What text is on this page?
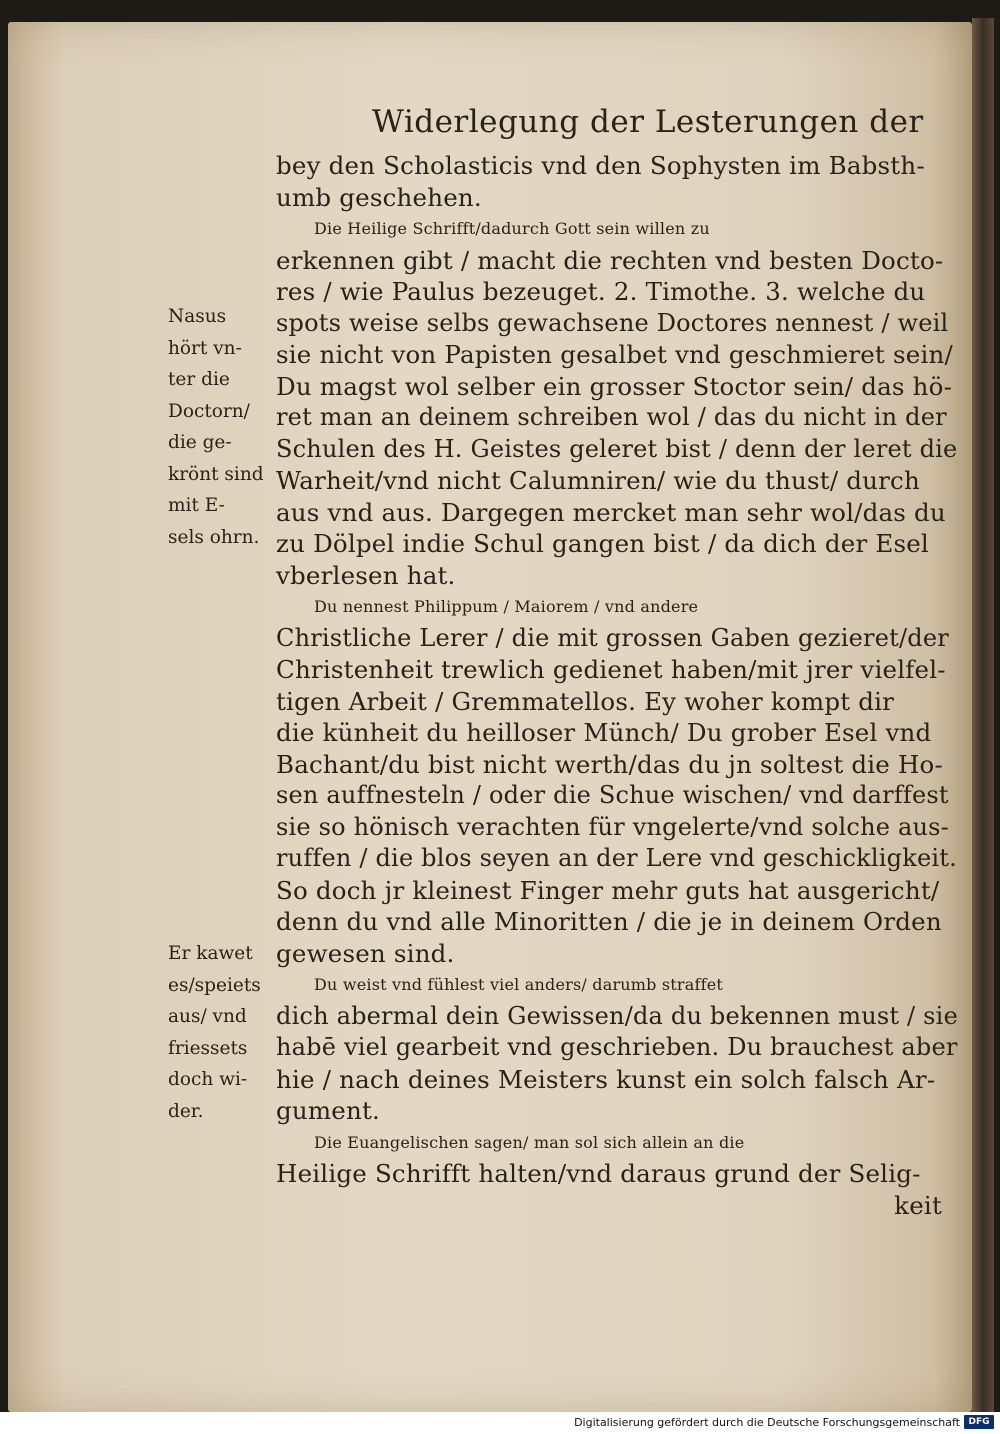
Widerlegung der Lesterungen der
bey den Scholasticis vnd den Sophysten im Babsth-
umb geschehen.
Die Heilige Schrifft/dadurch Gott sein willen zu
erkennen gibt / macht die rechten vnd besten Docto-
res / wie Paulus bezeuget. 2. Timothe. 3. welche du
spots weise selbs gewachsene Doctores nennest / weil
sie nicht von Papisten gesalbet vnd geschmieret sein/
Du magst wol selber ein grosser Stoctor sein/ das hö-
ret man an deinem schreiben wol / das du nicht in der
Schulen des H. Geistes geleret bist / denn der leret die
Warheit/vnd nicht Calumniren/ wie du thust/ durch
aus vnd aus. Dargegen mercket man sehr wol/das du
zu Dölpel indie Schul gangen bist / da dich der Esel
vberlesen hat.
Du nennest Philippum / Maiorem / vnd andere
Christliche Lerer / die mit grossen Gaben gezieret/der
Christenheit trewlich gedienet haben/mit jrer vielfel-
tigen Arbeit / Gremmatellos. Ey woher kompt dir
die künheit du heilloser Münch/ Du grober Esel vnd
Bachant/du bist nicht werth/das du jn soltest die Ho-
sen auffnesteln / oder die Schue wischen/ vnd darffest
sie so hönisch verachten für vngelerte/vnd solche aus-
ruffen / die blos seyen an der Lere vnd geschickligkeit.
So doch jr kleinest Finger mehr guts hat ausgericht/
denn du vnd alle Minoritten / die je in deinem Orden
gewesen sind.
Du weist vnd fühlest viel anders/ darumb straffet
dich abermal dein Gewissen/da du bekennen must / sie
habē viel gearbeit vnd geschrieben. Du brauchest aber
hie / nach deines Meisters kunst ein solch falsch Ar-
gument.
Die Euangelischen sagen/ man sol sich allein an die
Heilige Schrifft halten/vnd daraus grund der Selig-
keit
Nasus
hört vn-
ter die
Doctorn/
die ge-
krönt sind
mit E-
sels ohrn.
Er kawet
es/speiets
aus/ vnd
friessets
doch wi-
der.
Digitalisierung gefördert durch die Deutsche Forschungsgemeinschaft DFG
